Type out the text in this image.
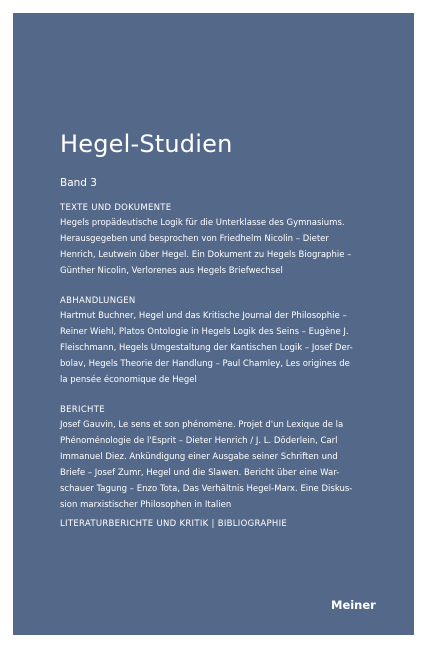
Hegel-Studien
Band 3
TEXTE UND DOKUMENTE
Hegels propädeutische Logik für die Unterklasse des Gymnasiums.
Herausgegeben und besprochen von Friedhelm Nicolin – Dieter
Henrich, Leutwein über Hegel. Ein Dokument zu Hegels Biographie –
Günther Nicolin, Verlorenes aus Hegels Briefwechsel
ABHANDLUNGEN
Hartmut Buchner, Hegel und das Kritische Journal der Philosophie –
Reiner Wiehl, Platos Ontologie in Hegels Logik des Seins – Eugène J.
Fleischmann, Hegels Umgestaltung der Kantischen Logik – Josef Der-
bolav, Hegels Theorie der Handlung – Paul Chamley, Les origines de
la pensée économique de Hegel
BERICHTE
Josef Gauvin, Le sens et son phénomène. Projet d'un Lexique de la
Phénoménologie de l'Esprit – Dieter Henrich / J. L. Döderlein, Carl
Immanuel Diez. Ankündigung einer Ausgabe seiner Schriften und
Briefe – Josef Zumr, Hegel und die Slawen. Bericht über eine War-
schauer Tagung – Enzo Tota, Das Verhältnis Hegel-Marx. Eine Diskus-
sion marxistischer Philosophen in Italien
LITERATURBERICHTE UND KRITIK | BIBLIOGRAPHIE
Meiner
